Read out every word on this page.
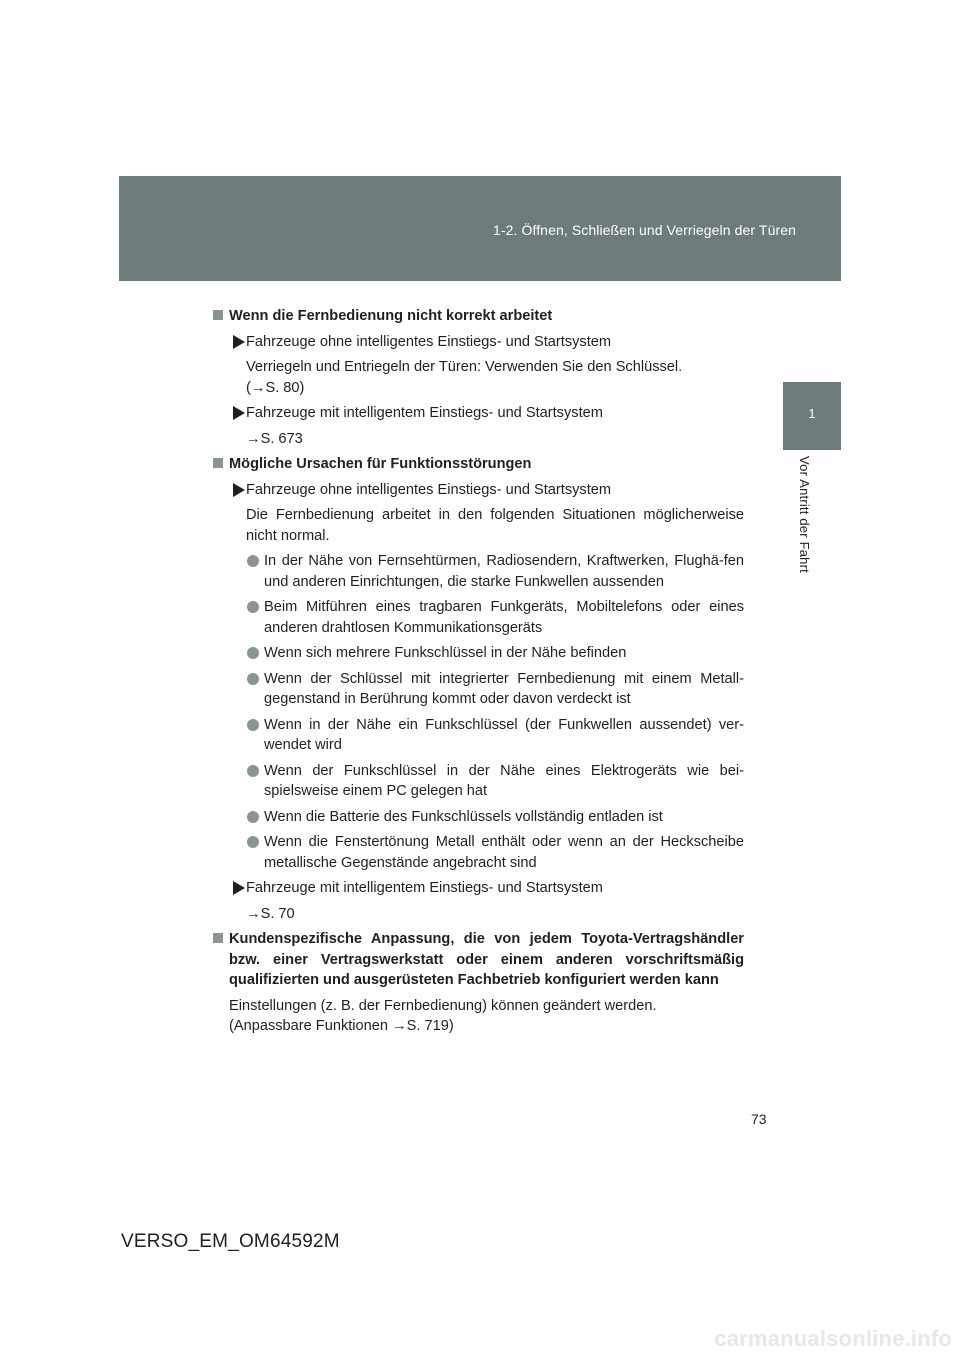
1-2. Öffnen, Schließen und Verriegeln der Türen
1
Vor Antritt der Fahrt
Wenn die Fernbedienung nicht korrekt arbeitet
Fahrzeuge ohne intelligentes Einstiegs- und Startsystem
Verriegeln und Entriegeln der Türen: Verwenden Sie den Schlüssel.
(→S. 80)
Fahrzeuge mit intelligentem Einstiegs- und Startsystem
→S. 673
Mögliche Ursachen für Funktionsstörungen
Fahrzeuge ohne intelligentes Einstiegs- und Startsystem
Die Fernbedienung arbeitet in den folgenden Situationen möglicherweise nicht normal.
In der Nähe von Fernsehtürmen, Radiosendern, Kraftwerken, Flughä-fen und anderen Einrichtungen, die starke Funkwellen aussenden
Beim Mitführen eines tragbaren Funkgeräts, Mobiltelefons oder eines anderen drahtlosen Kommunikationsgeräts
Wenn sich mehrere Funkschlüssel in der Nähe befinden
Wenn der Schlüssel mit integrierter Fernbedienung mit einem Metall-gegenstand in Berührung kommt oder davon verdeckt ist
Wenn in der Nähe ein Funkschlüssel (der Funkwellen aussendet) ver-wendet wird
Wenn der Funkschlüssel in der Nähe eines Elektrogeräts wie bei-spielsweise einem PC gelegen hat
Wenn die Batterie des Funkschlüssels vollständig entladen ist
Wenn die Fenstertönung Metall enthält oder wenn an der Heckscheibe metallische Gegenstände angebracht sind
Fahrzeuge mit intelligentem Einstiegs- und Startsystem
→S. 70
Kundenspezifische Anpassung, die von jedem Toyota-Vertragshändler bzw. einer Vertragswerkstatt oder einem anderen vorschriftsmäßig qualifizierten und ausgerüsteten Fachbetrieb konfiguriert werden kann
Einstellungen (z. B. der Fernbedienung) können geändert werden.
(Anpassbare Funktionen →S. 719)
73
VERSO_EM_OM64592M
carmanualsonline.info
